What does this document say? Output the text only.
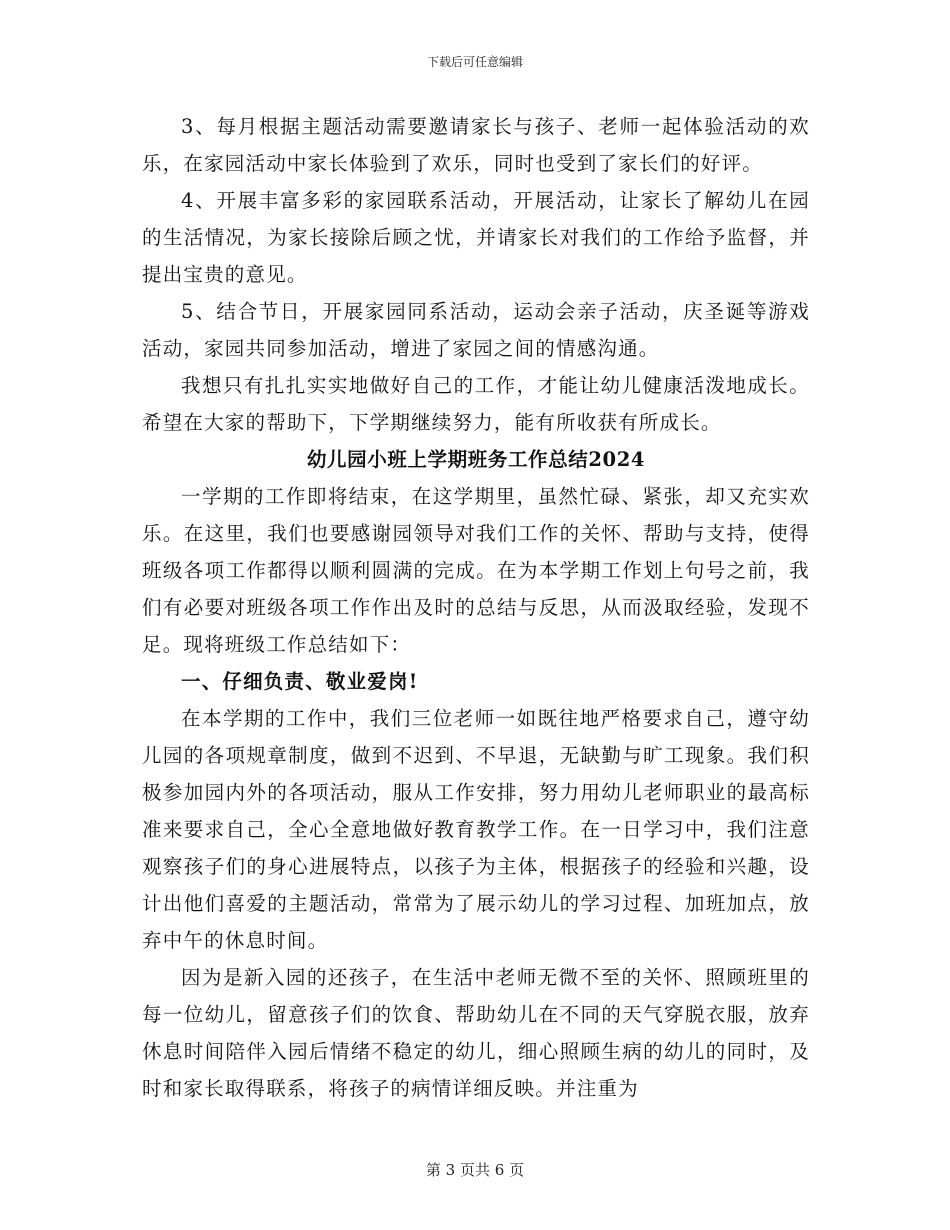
下载后可任意编辑

3、每月根据主题活动需要邀请家长与孩子、老师一起体验活动的欢乐，在家园活动中家长体验到了欢乐，同时也受到了家长们的好评。

4、开展丰富多彩的家园联系活动，开展活动，让家长了解幼儿在园的生活情况，为家长接除后顾之忧，并请家长对我们的工作给予监督，并提出宝贵的意见。

5、结合节日，开展家园同系活动，运动会亲子活动，庆圣诞等游戏活动，家园共同参加活动，增进了家园之间的情感沟通。

我想只有扎扎实实地做好自己的工作，才能让幼儿健康活泼地成长。希望在大家的帮助下，下学期继续努力，能有所收获有所成长。

幼儿园小班上学期班务工作总结2024

一学期的工作即将结束，在这学期里，虽然忙碌、紧张，却又充实欢乐。在这里，我们也要感谢园领导对我们工作的关怀、帮助与支持，使得班级各项工作都得以顺利圆满的完成。在为本学期工作划上句号之前，我们有必要对班级各项工作作出及时的总结与反思，从而汲取经验，发现不足。现将班级工作总结如下：

一、仔细负责、敬业爱岗!

在本学期的工作中，我们三位老师一如既往地严格要求自己，遵守幼儿园的各项规章制度，做到不迟到、不早退，无缺勤与旷工现象。我们积极参加园内外的各项活动，服从工作安排，努力用幼儿老师职业的最高标准来要求自己，全心全意地做好教育教学工作。在一日学习中，我们注意观察孩子们的身心进展特点，以孩子为主体，根据孩子的经验和兴趣，设计出他们喜爱的主题活动，常常为了展示幼儿的学习过程、加班加点，放弃中午的休息时间。

因为是新入园的还孩子，在生活中老师无微不至的关怀、照顾班里的每一位幼儿，留意孩子们的饮食、帮助幼儿在不同的天气穿脱衣服，放弃休息时间陪伴入园后情绪不稳定的幼儿，细心照顾生病的幼儿的同时，及时和家长取得联系，将孩子的病情详细反映。并注重为

第 3 页共 6 页
